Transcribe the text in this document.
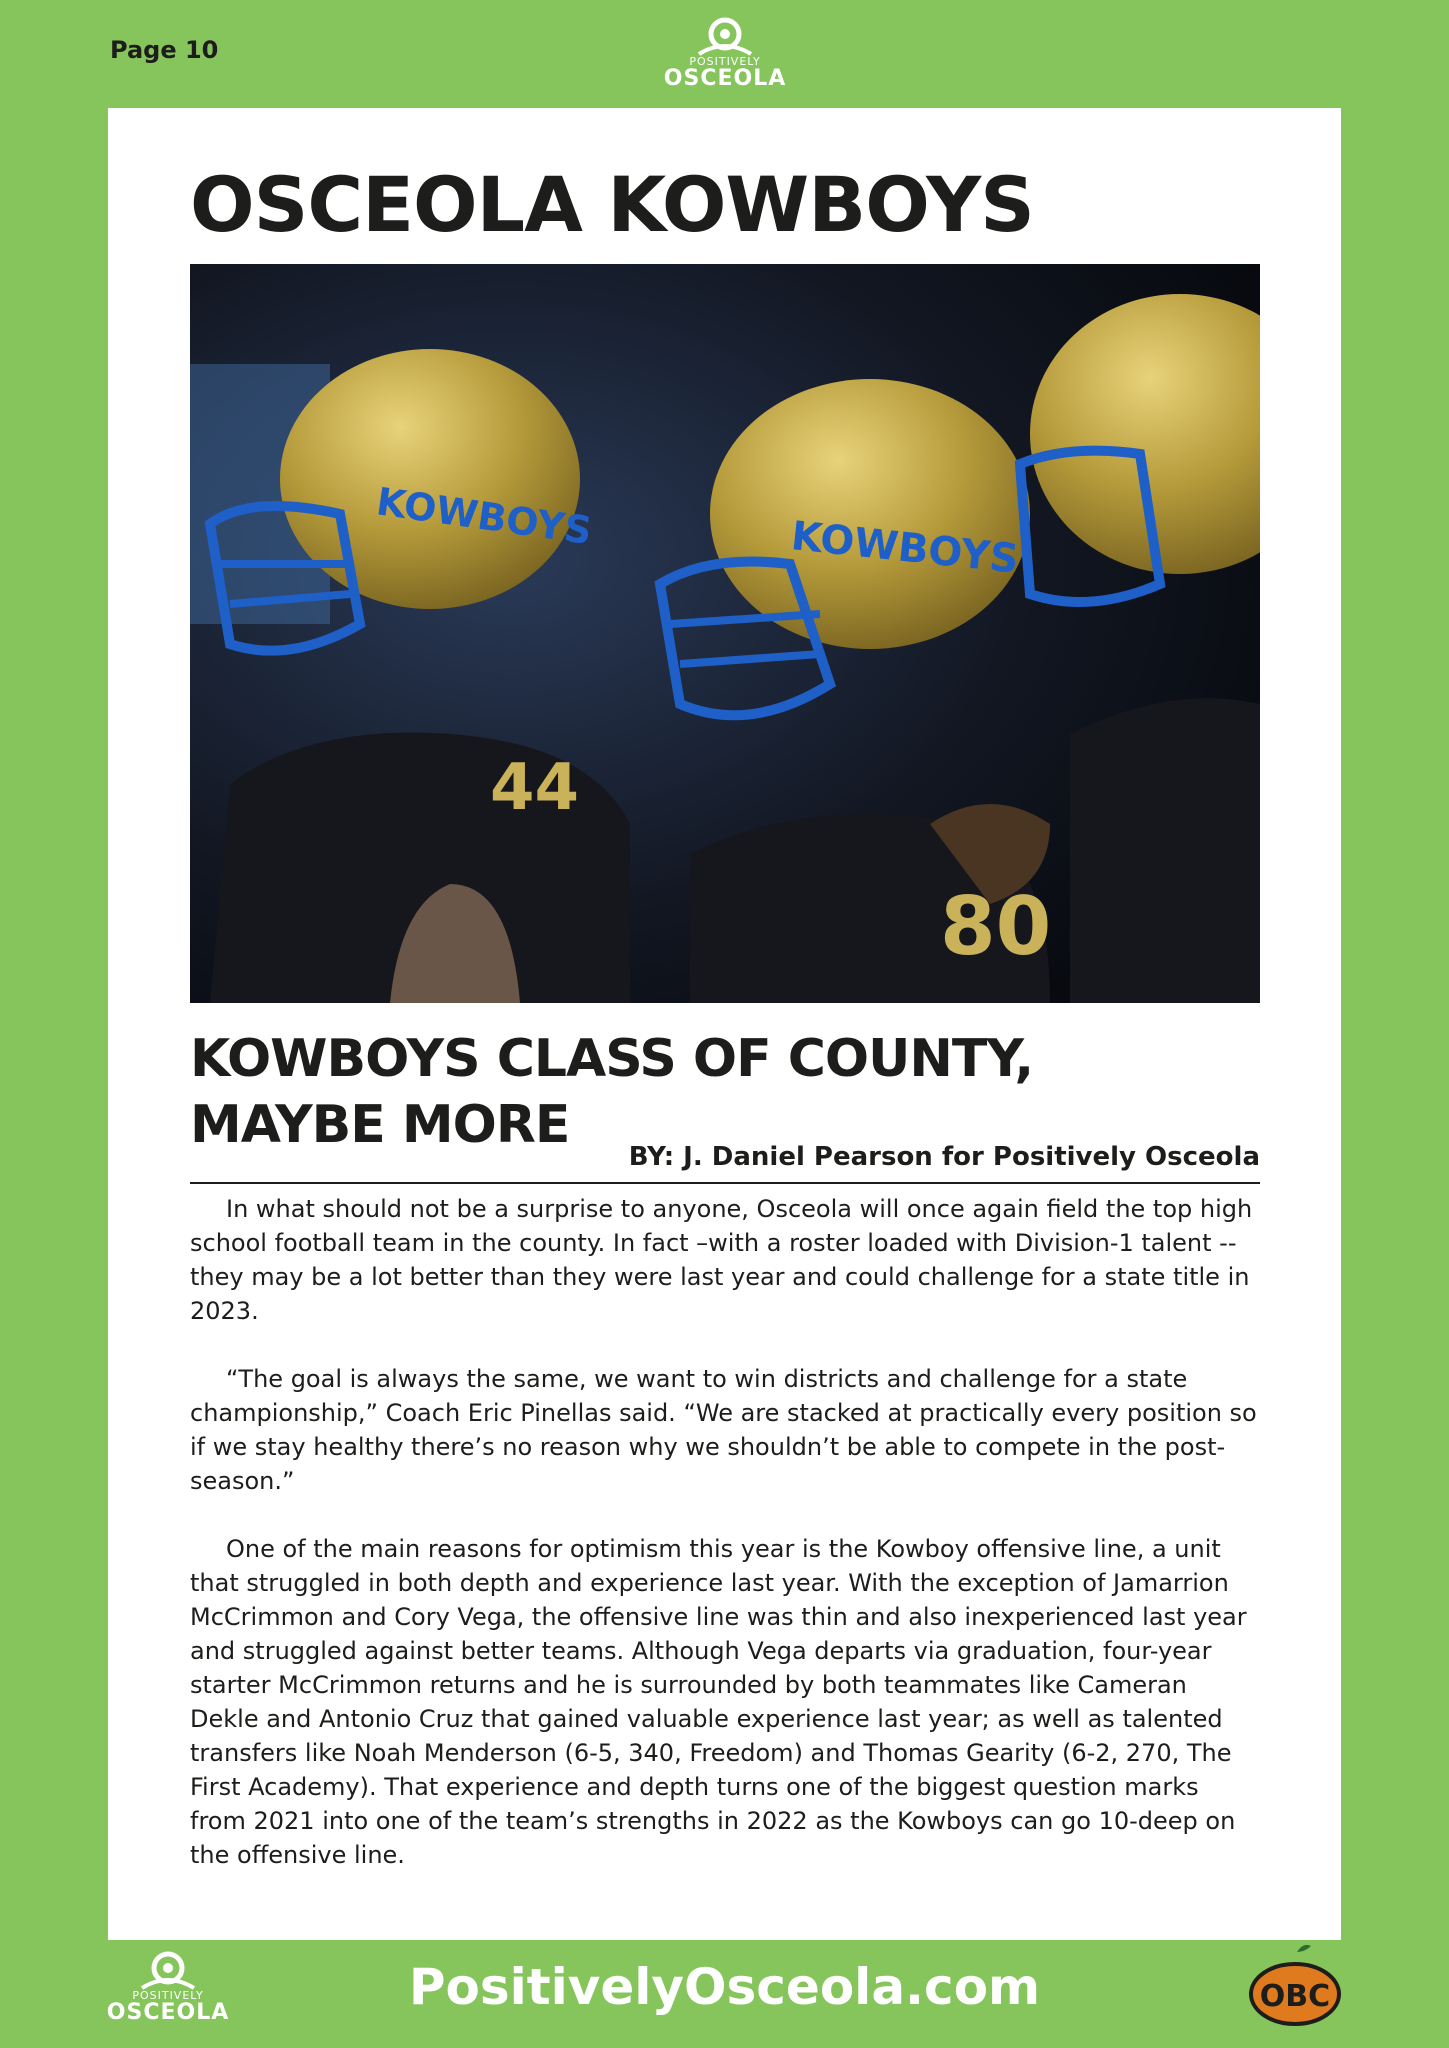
Page 10	POSITIVELY
OSCEOLA
OSCEOLA KOWBOYS
KOWBOYS	KOWBOYS
44
80
KOWBOYS CLASS OF COUNTY, MAYBE MORE
BY: J. Daniel Pearson for Positively Osceola

In what should not be a surprise to anyone, Osceola will once again field the top high school football team in the county. In fact –with a roster loaded with Division-1 talent -- they may be a lot better than they were last year and could challenge for a state title in 2023.

“The goal is always the same, we want to win districts and challenge for a state championship,” Coach Eric Pinellas said. “We are stacked at practically every position so if we stay healthy there’s no reason why we shouldn’t be able to compete in the post-season.”

One of the main reasons for optimism this year is the Kowboy offensive line, a unit that struggled in both depth and experience last year. With the exception of Jamarrion McCrimmon and Cory Vega, the offensive line was thin and also inexperienced last year and struggled against better teams. Although Vega departs via graduation, four-year starter McCrimmon returns and he is surrounded by both teammates like Cameran Dekle and Antonio Cruz that gained valuable experience last year; as well as talented transfers like Noah Menderson (6-5, 340, Freedom) and Thomas Gearity (6-2, 270, The First Academy). That experience and depth turns one of the biggest question marks from 2021 into one of the team’s strengths in 2022 as the Kowboys can go 10-deep on the offensive line.

POSITIVELY
OSCEOLA	PositivelyOsceola.com	OBC
